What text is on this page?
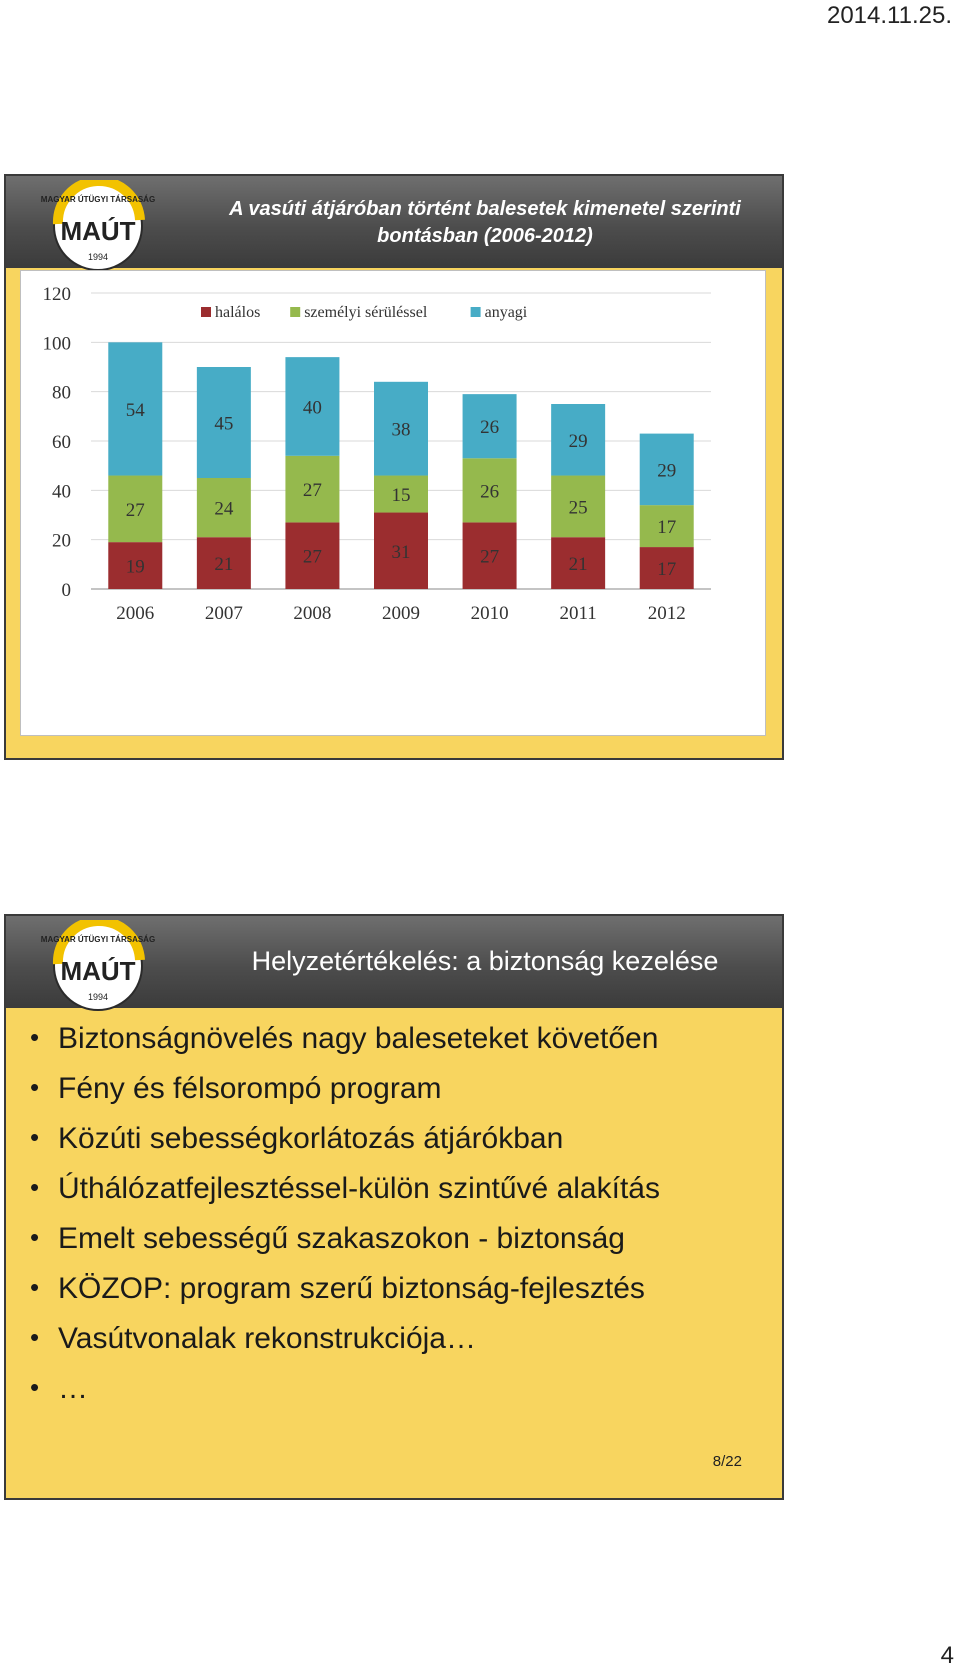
2014.11.25.
A vasúti átjáróban történt balesetek kimenetel szerinti
bontásban (2006-2012)
MAGYAR ÚTÜGYI TÁRSASÁG
MAÚT
1994
0
20
40
60
80
100
120
halálos	személyi sérüléssel	anyagi
19
27
54
2006
21
24
45
2007
27
27
40
2008
31
15
38
2009
27
26
26
2010
21
25
29
2011
17
17
29
2012
Helyzetértékelés: a biztonság kezelése
MAGYAR ÚTÜGYI TÁRSASÁG
MAÚT
1994
• Biztonságnövelés nagy baleseteket követően
• Fény és félsorompó program
• Közúti sebességkorlátozás átjárókban
• Úthálózatfejlesztéssel-külön szintűvé alakítás
• Emelt sebességű szakaszokon - biztonság
• KÖZOP: program szerű biztonság-fejlesztés
• Vasútvonalak rekonstrukciója…
• …
8/22
4
